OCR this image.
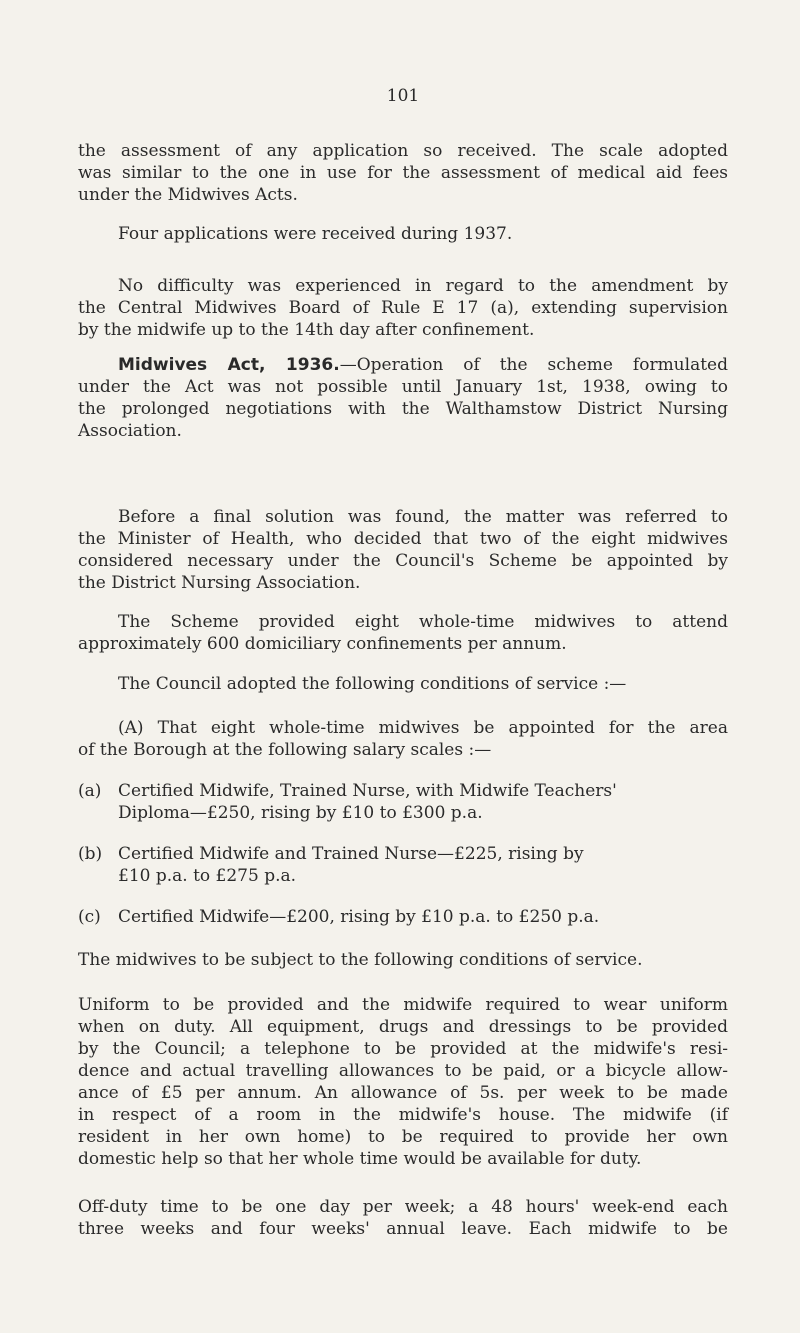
101
the assessment of any application so received. The scale adopted
was similar to the one in use for the assessment of medical aid fees
under the Midwives Acts.
Four applications were received during 1937.
No difficulty was experienced in regard to the amendment by
the Central Midwives Board of Rule E 17 (a), extending supervision
by the midwife up to the 14th day after confinement.
Midwives Act, 1936.—Operation of the scheme formulated
under the Act was not possible until January 1st, 1938, owing to
the prolonged negotiations with the Walthamstow District Nursing
Association.
Before a final solution was found, the matter was referred to
the Minister of Health, who decided that two of the eight midwives
considered necessary under the Council's Scheme be appointed by
the District Nursing Association.
The Scheme provided eight whole-time midwives to attend
approximately 600 domiciliary confinements per annum.
The Council adopted the following conditions of service :—
(A) That eight whole-time midwives be appointed for the area
of the Borough at the following salary scales :—
(a) Certified Midwife, Trained Nurse, with Midwife Teachers'
Diploma—£250, rising by £10 to £300 p.a.
(b) Certified Midwife and Trained Nurse—£225, rising by
£10 p.a. to £275 p.a.
(c) Certified Midwife—£200, rising by £10 p.a. to £250 p.a.
The midwives to be subject to the following conditions of service.
Uniform to be provided and the midwife required to wear uniform
when on duty. All equipment, drugs and dressings to be provided
by the Council; a telephone to be provided at the midwife's resi-
dence and actual travelling allowances to be paid, or a bicycle allow-
ance of £5 per annum. An allowance of 5s. per week to be made
in respect of a room in the midwife's house. The midwife (if
resident in her own home) to be required to provide her own
domestic help so that her whole time would be available for duty.
Off-duty time to be one day per week; a 48 hours' week-end each
three weeks and four weeks' annual leave. Each midwife to be
